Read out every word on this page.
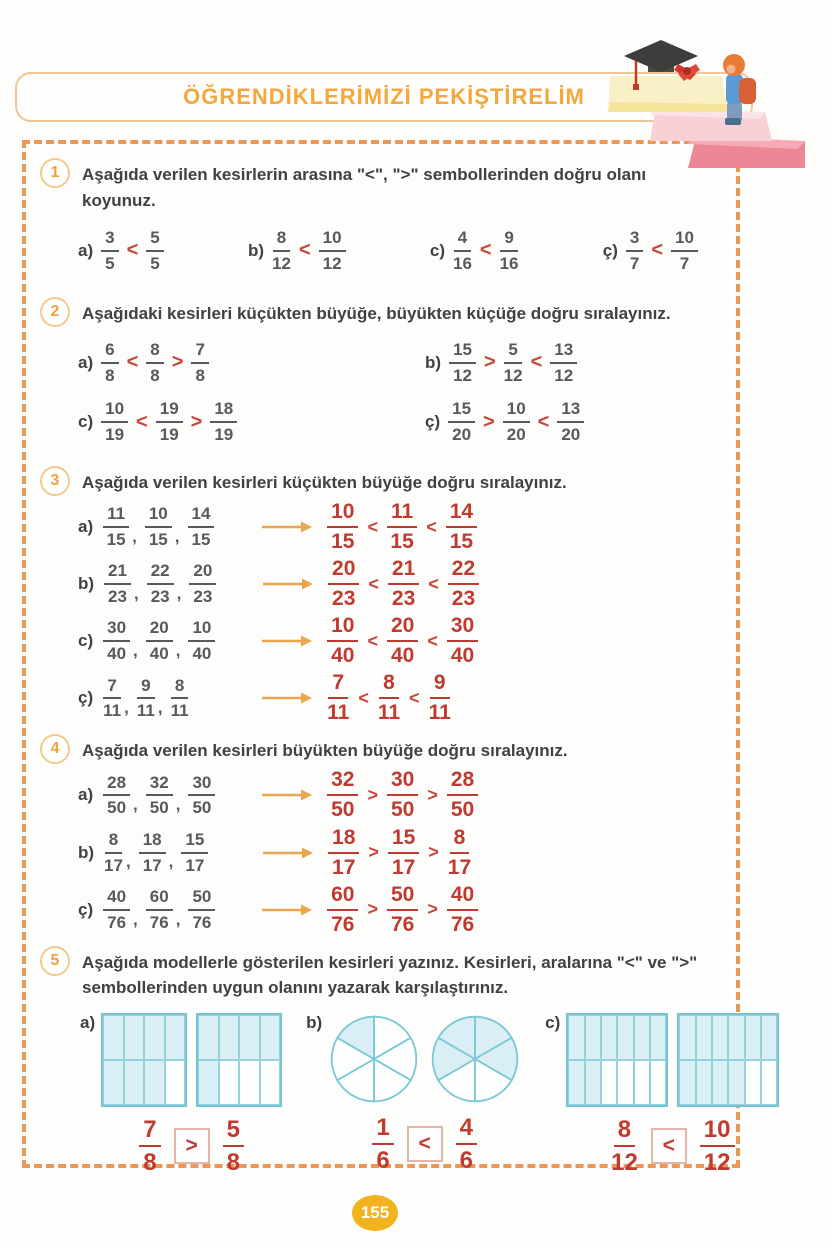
ÖĞRENDİKLERİMİZİ PEKİŞTİRELİM
1	Aşağıda verilen kesirlerin arasına "<", ">" sembollerinden doğru olanı koyunuz.

$a) \frac{3}{5} < \frac{5}{5}$	$b) \frac{8}{12} < \frac{10}{12}$	$c) \frac{4}{16} < \frac{9}{16}$	ç) $\frac{3}{7} < \frac{10}{7}$
2	Aşağıdaki kesirleri küçükten büyüğe, büyükten küçüğe doğru sıralayınız.

$a) \frac{6}{8} < \frac{8}{8} > \frac{7}{8}$	$b) \frac{15}{12} > \frac{5}{12} < \frac{13}{12}$
$c) \frac{10}{19} < \frac{19}{19} > \frac{18}{19}$	ç) $\frac{15}{20} > \frac{10}{20} < \frac{13}{20}$
3	Aşağıda verilen kesirleri küçükten büyüğe doğru sıralayınız.

$a) \frac{11}{15}$ , $\frac{10}{15}$ , $\frac{14}{15}$	$\frac{10}{15} < \frac{11}{15} < \frac{14}{15}$
$b) \frac{21}{23}$ , $\frac{22}{23}$ , $\frac{20}{23}$	$\frac{20}{23} < \frac{21}{23} < \frac{22}{23}$
$c) \frac{30}{40}$ , $\frac{20}{40}$ , $\frac{10}{40}$	$\frac{10}{40} < \frac{20}{40} < \frac{30}{40}$
ç) $\frac{7}{11}$ , $\frac{9}{11}$ , $\frac{8}{11}$	$\frac{7}{11} < \frac{8}{11} < \frac{9}{11}$
4	Aşağıda verilen kesirleri büyükten büyüğe doğru sıralayınız.

$a) \frac{28}{50}$ , $\frac{32}{50}$ , $\frac{30}{50}$	$\frac{32}{50} > \frac{30}{50} > \frac{28}{50}$
$b) \frac{8}{17}$ , $\frac{18}{17}$ , $\frac{15}{17}$	$\frac{18}{17} > \frac{15}{17} > \frac{8}{17}$
ç) $\frac{40}{76}$ , $\frac{60}{76}$ , $\frac{50}{76}$	$\frac{60}{76} > \frac{50}{76} > \frac{40}{76}$
5	Aşağıda modellerle gösterilen kesirleri yazınız. Kesirleri, aralarına "<" ve ">" sembollerinden uygun olanını yazarak karşılaştırınız.

a)
$\frac{7}{8}$	>	$\frac{5}{8}$
b)
$\frac{1}{6}$	<	$\frac{4}{6}$
c)
$\frac{8}{12}$	<	$\frac{10}{12}$
155
